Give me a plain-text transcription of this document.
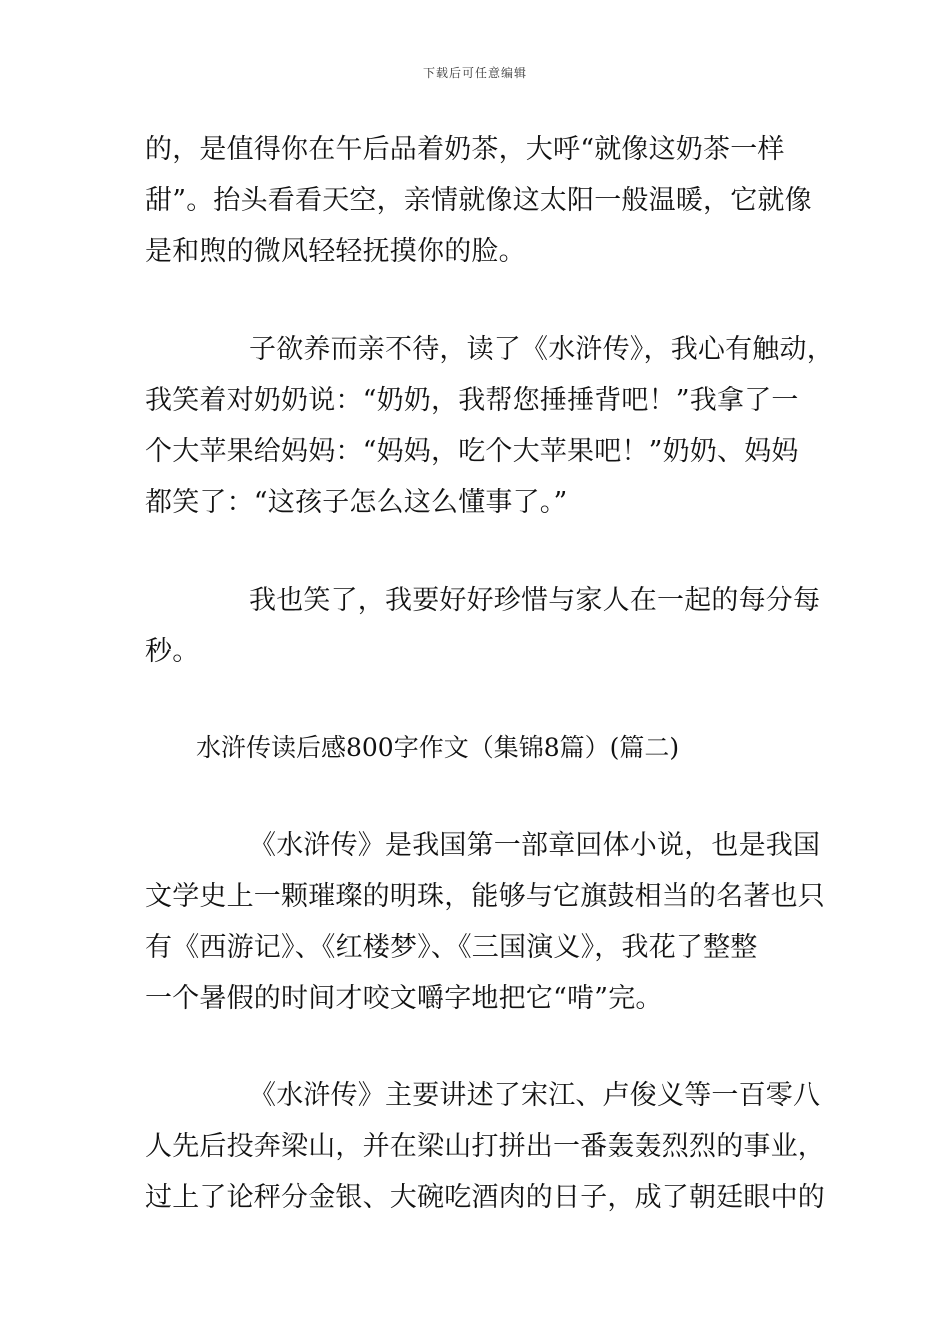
下载后可任意编辑
的，是值得你在午后品着奶茶，大呼“就像这奶茶一样
甜”。抬头看看天空，亲情就像这太阳一般温暖，它就像
是和煦的微风轻轻抚摸你的脸。
子欲养而亲不待，读了《水浒传》，我心有触动，
我笑着对奶奶说：“奶奶，我帮您捶捶背吧！”我拿了一
个大苹果给妈妈：“妈妈，吃个大苹果吧！”奶奶、妈妈
都笑了：“这孩子怎么这么懂事了。”
我也笑了，我要好好珍惜与家人在一起的每分每
秒。
水浒传读后感800字作文（集锦8篇）(篇二)
《水浒传》是我国第一部章回体小说，也是我国
文学史上一颗璀璨的明珠，能够与它旗鼓相当的名著也只
有《西游记》、《红楼梦》、《三国演义》，我花了整整
一个暑假的时间才咬文嚼字地把它“啃”完。
《水浒传》主要讲述了宋江、卢俊义等一百零八
人先后投奔梁山，并在梁山打拼出一番轰轰烈烈的事业，
过上了论秤分金银、大碗吃酒肉的日子，成了朝廷眼中的
